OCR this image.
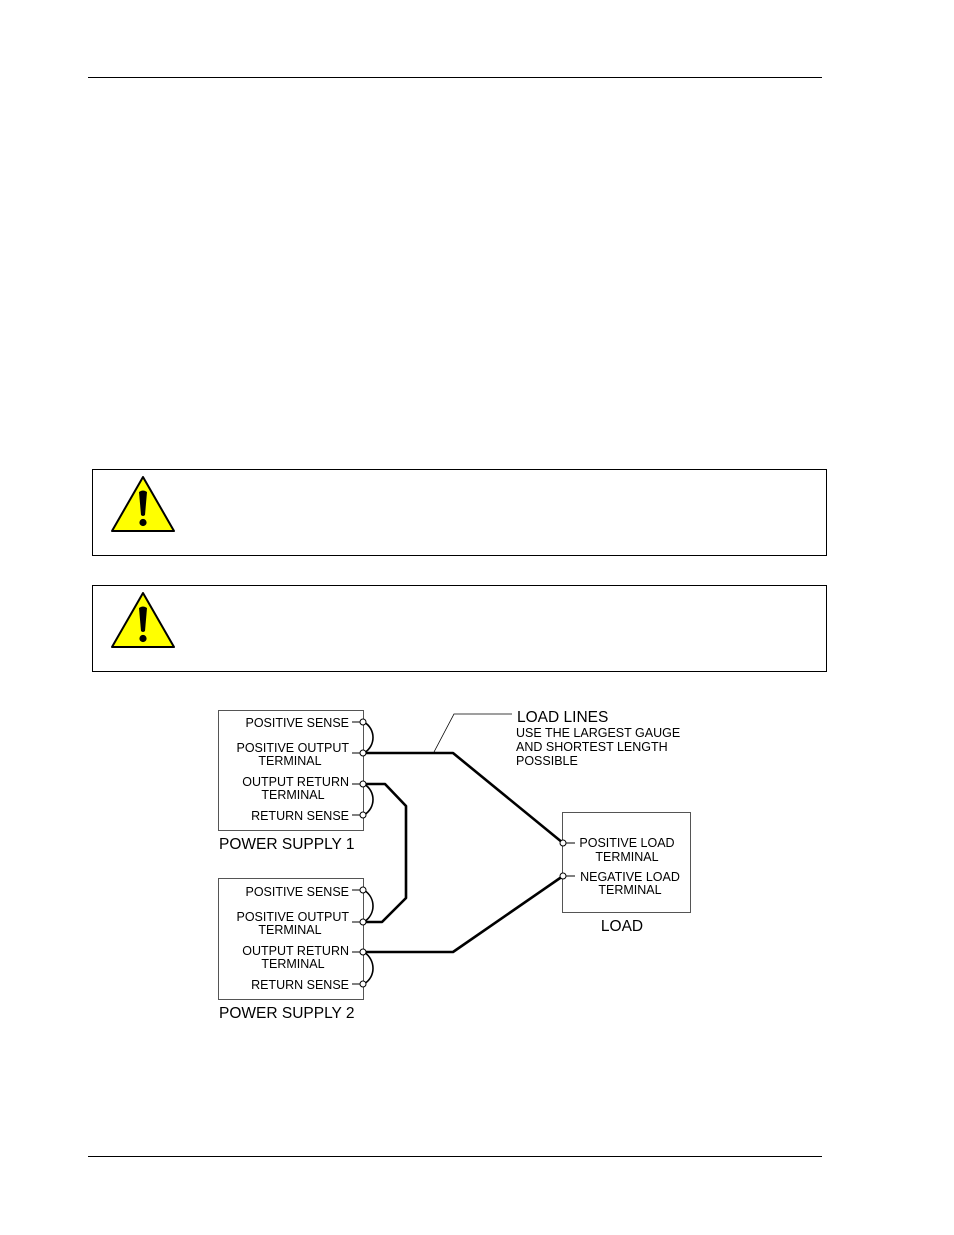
POSITIVE SENSE
POSITIVE OUTPUT
TERMINAL
OUTPUT RETURN
TERMINAL
RETURN SENSE
POWER SUPPLY 1
POSITIVE SENSE
POSITIVE OUTPUT
TERMINAL
OUTPUT RETURN
TERMINAL
RETURN SENSE
POWER SUPPLY 2
POSITIVE LOAD
TERMINAL
NEGATIVE LOAD
TERMINAL
LOAD
LOAD LINES
USE THE LARGEST GAUGE
AND SHORTEST LENGTH
POSSIBLE
